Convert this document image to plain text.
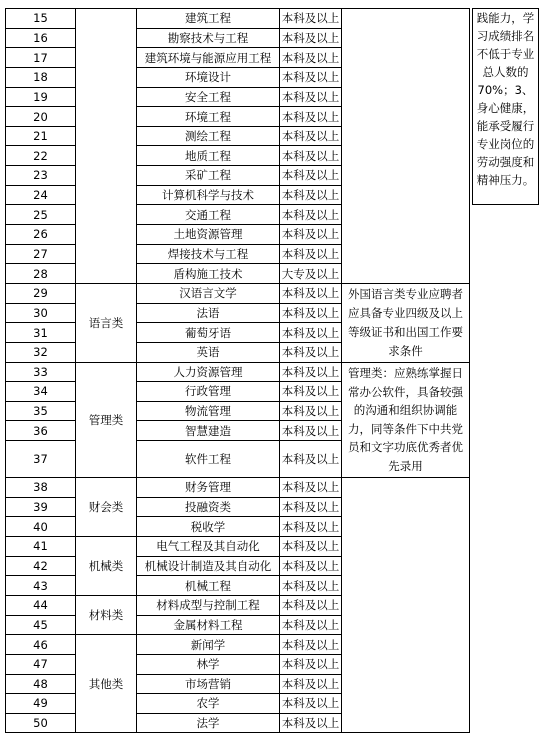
15		建筑工程	本科及以上			践能力，学习成绩排名不低于专业总人数的70%；3、身心健康，能承受履行专业岗位的劳动强度和精神压力。
16		勘察技术与工程	本科及以上			
17		建筑环境与能源应用工程	本科及以上			
18		环境设计	本科及以上			
19		安全工程	本科及以上			
20		环境工程	本科及以上			
21		测绘工程	本科及以上			
22		地质工程	本科及以上			
23		采矿工程	本科及以上			
24		计算机科学与技术	本科及以上			
25		交通工程	本科及以上			
26		土地资源管理	本科及以上			
27		焊接技术与工程	本科及以上			
28		盾构施工技术	大专及以上			
29	语言类	汉语言文学	本科及以上	外国语言类专业应聘者应具备专业四级及以上等级证书和出国工作要求条件		
30		法语	本科及以上			
31		葡萄牙语	本科及以上			
32		英语	本科及以上			
33	管理类	人力资源管理	本科及以上	管理类：应熟练掌握日常办公软件，具备较强的沟通和组织协调能力，同等条件下中共党员和文字功底优秀者优先录用		
34		行政管理	本科及以上			
35		物流管理	本科及以上			
36		智慧建造	本科及以上			
37		软件工程	本科及以上			
38	财会类	财务管理	本科及以上			
39		投融资类	本科及以上			
40		税收学	本科及以上			
41	机械类	电气工程及其自动化	本科及以上			
42		机械设计制造及其自动化	本科及以上			
43		机械工程	本科及以上			
44	材料类	材料成型与控制工程	本科及以上			
45		金属材料工程	本科及以上			
46	其他类	新闻学	本科及以上			
47		林学	本科及以上			
48		市场营销	本科及以上			
49		农学	本科及以上			
50		法学	本科及以上			
